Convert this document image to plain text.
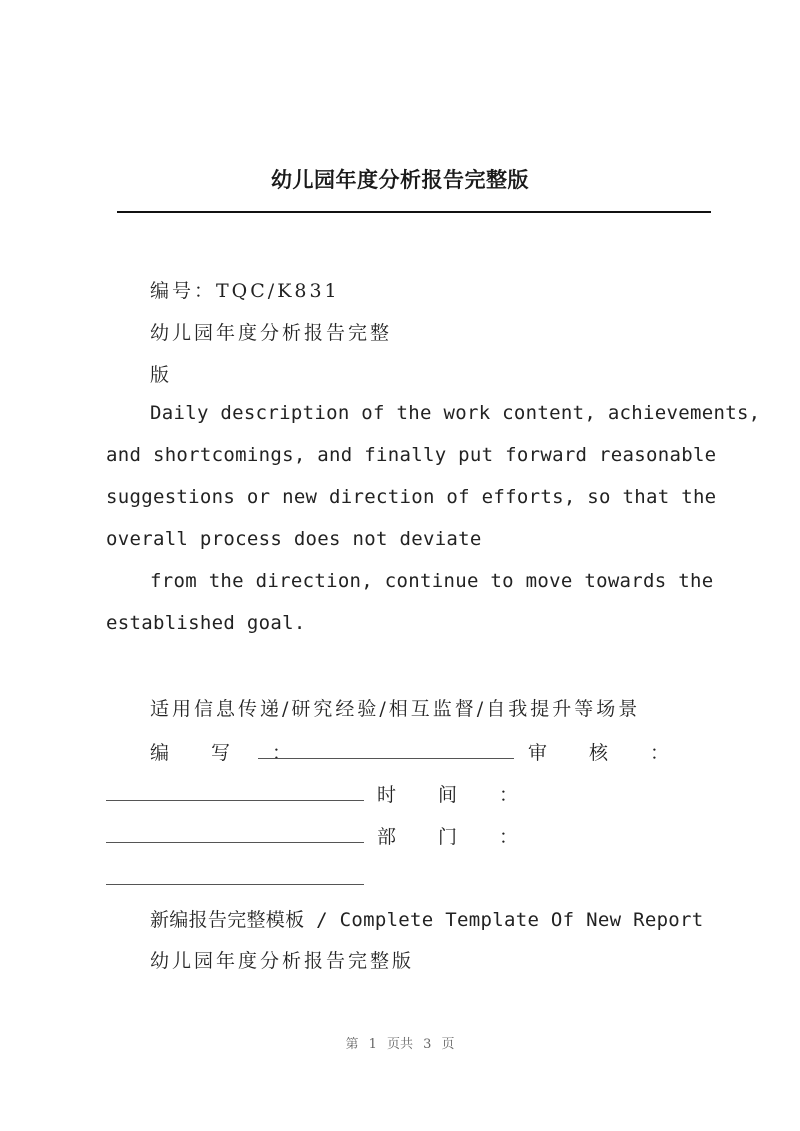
幼儿园年度分析报告完整版
编号：TQC/K831
幼儿园年度分析报告完整
版
Daily description of the work content, achievements,
and shortcomings, and finally put forward reasonable
suggestions or new direction of efforts, so that the
overall process does not deviate
from the direction, continue to move towards the
established goal.
适用信息传递/研究经验/相互监督/自我提升等场景
编写：	审核：
时间：
部门：
新编报告完整模板 / Complete Template Of New Report
幼儿园年度分析报告完整版
第 1 页共 3 页
